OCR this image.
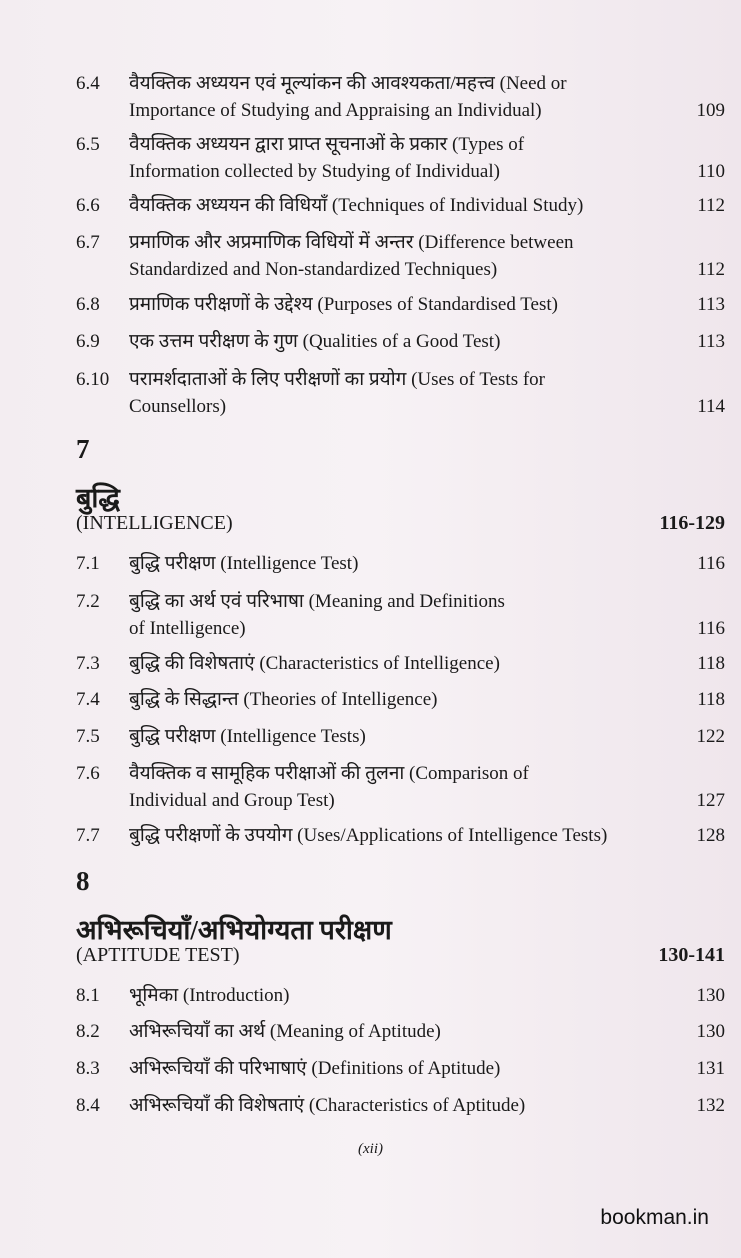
6.4 वैयक्तिक अध्ययन एवं मूल्यांकन की आवश्यकता/महत्त्व (Need or
Importance of Studying and Appraising an Individual)	109
6.5 वैयक्तिक अध्ययन द्वारा प्राप्त सूचनाओं के प्रकार (Types of
Information collected by Studying of Individual)	110
6.6 वैयक्तिक अध्ययन की विधियाँ (Techniques of Individual Study)	112
6.7 प्रमाणिक और अप्रमाणिक विधियों में अन्तर (Difference between
Standardized and Non-standardized Techniques)	112
6.8 प्रमाणिक परीक्षणों के उद्देश्य (Purposes of Standardised Test)	113
6.9 एक उत्तम परीक्षण के गुण (Qualities of a Good Test)	113
6.10 परामर्शदाताओं के लिए परीक्षणों का प्रयोग (Uses of Tests for
Counsellors)	114
7
बुद्धि
(INTELLIGENCE)	116-129
7.1 बुद्धि परीक्षण (Intelligence Test)	116
7.2 बुद्धि का अर्थ एवं परिभाषा (Meaning and Definitions
of Intelligence)	116
7.3 बुद्धि की विशेषताएं (Characteristics of Intelligence)	118
7.4 बुद्धि के सिद्धान्त (Theories of Intelligence)	118
7.5 बुद्धि परीक्षण (Intelligence Tests)	122
7.6 वैयक्तिक व सामूहिक परीक्षाओं की तुलना (Comparison of
Individual and Group Test)	127
7.7 बुद्धि परीक्षणों के उपयोग (Uses/Applications of Intelligence Tests)	128
8
अभिरूचियाँ/अभियोग्यता परीक्षण
(APTITUDE TEST)	130-141
8.1 भूमिका (Introduction)	130
8.2 अभिरूचियाँ का अर्थ (Meaning of Aptitude)	130
8.3 अभिरूचियाँ की परिभाषाएं (Definitions of Aptitude)	131
8.4 अभिरूचियाँ की विशेषताएं (Characteristics of Aptitude)	132
(xii)
bookman.in
